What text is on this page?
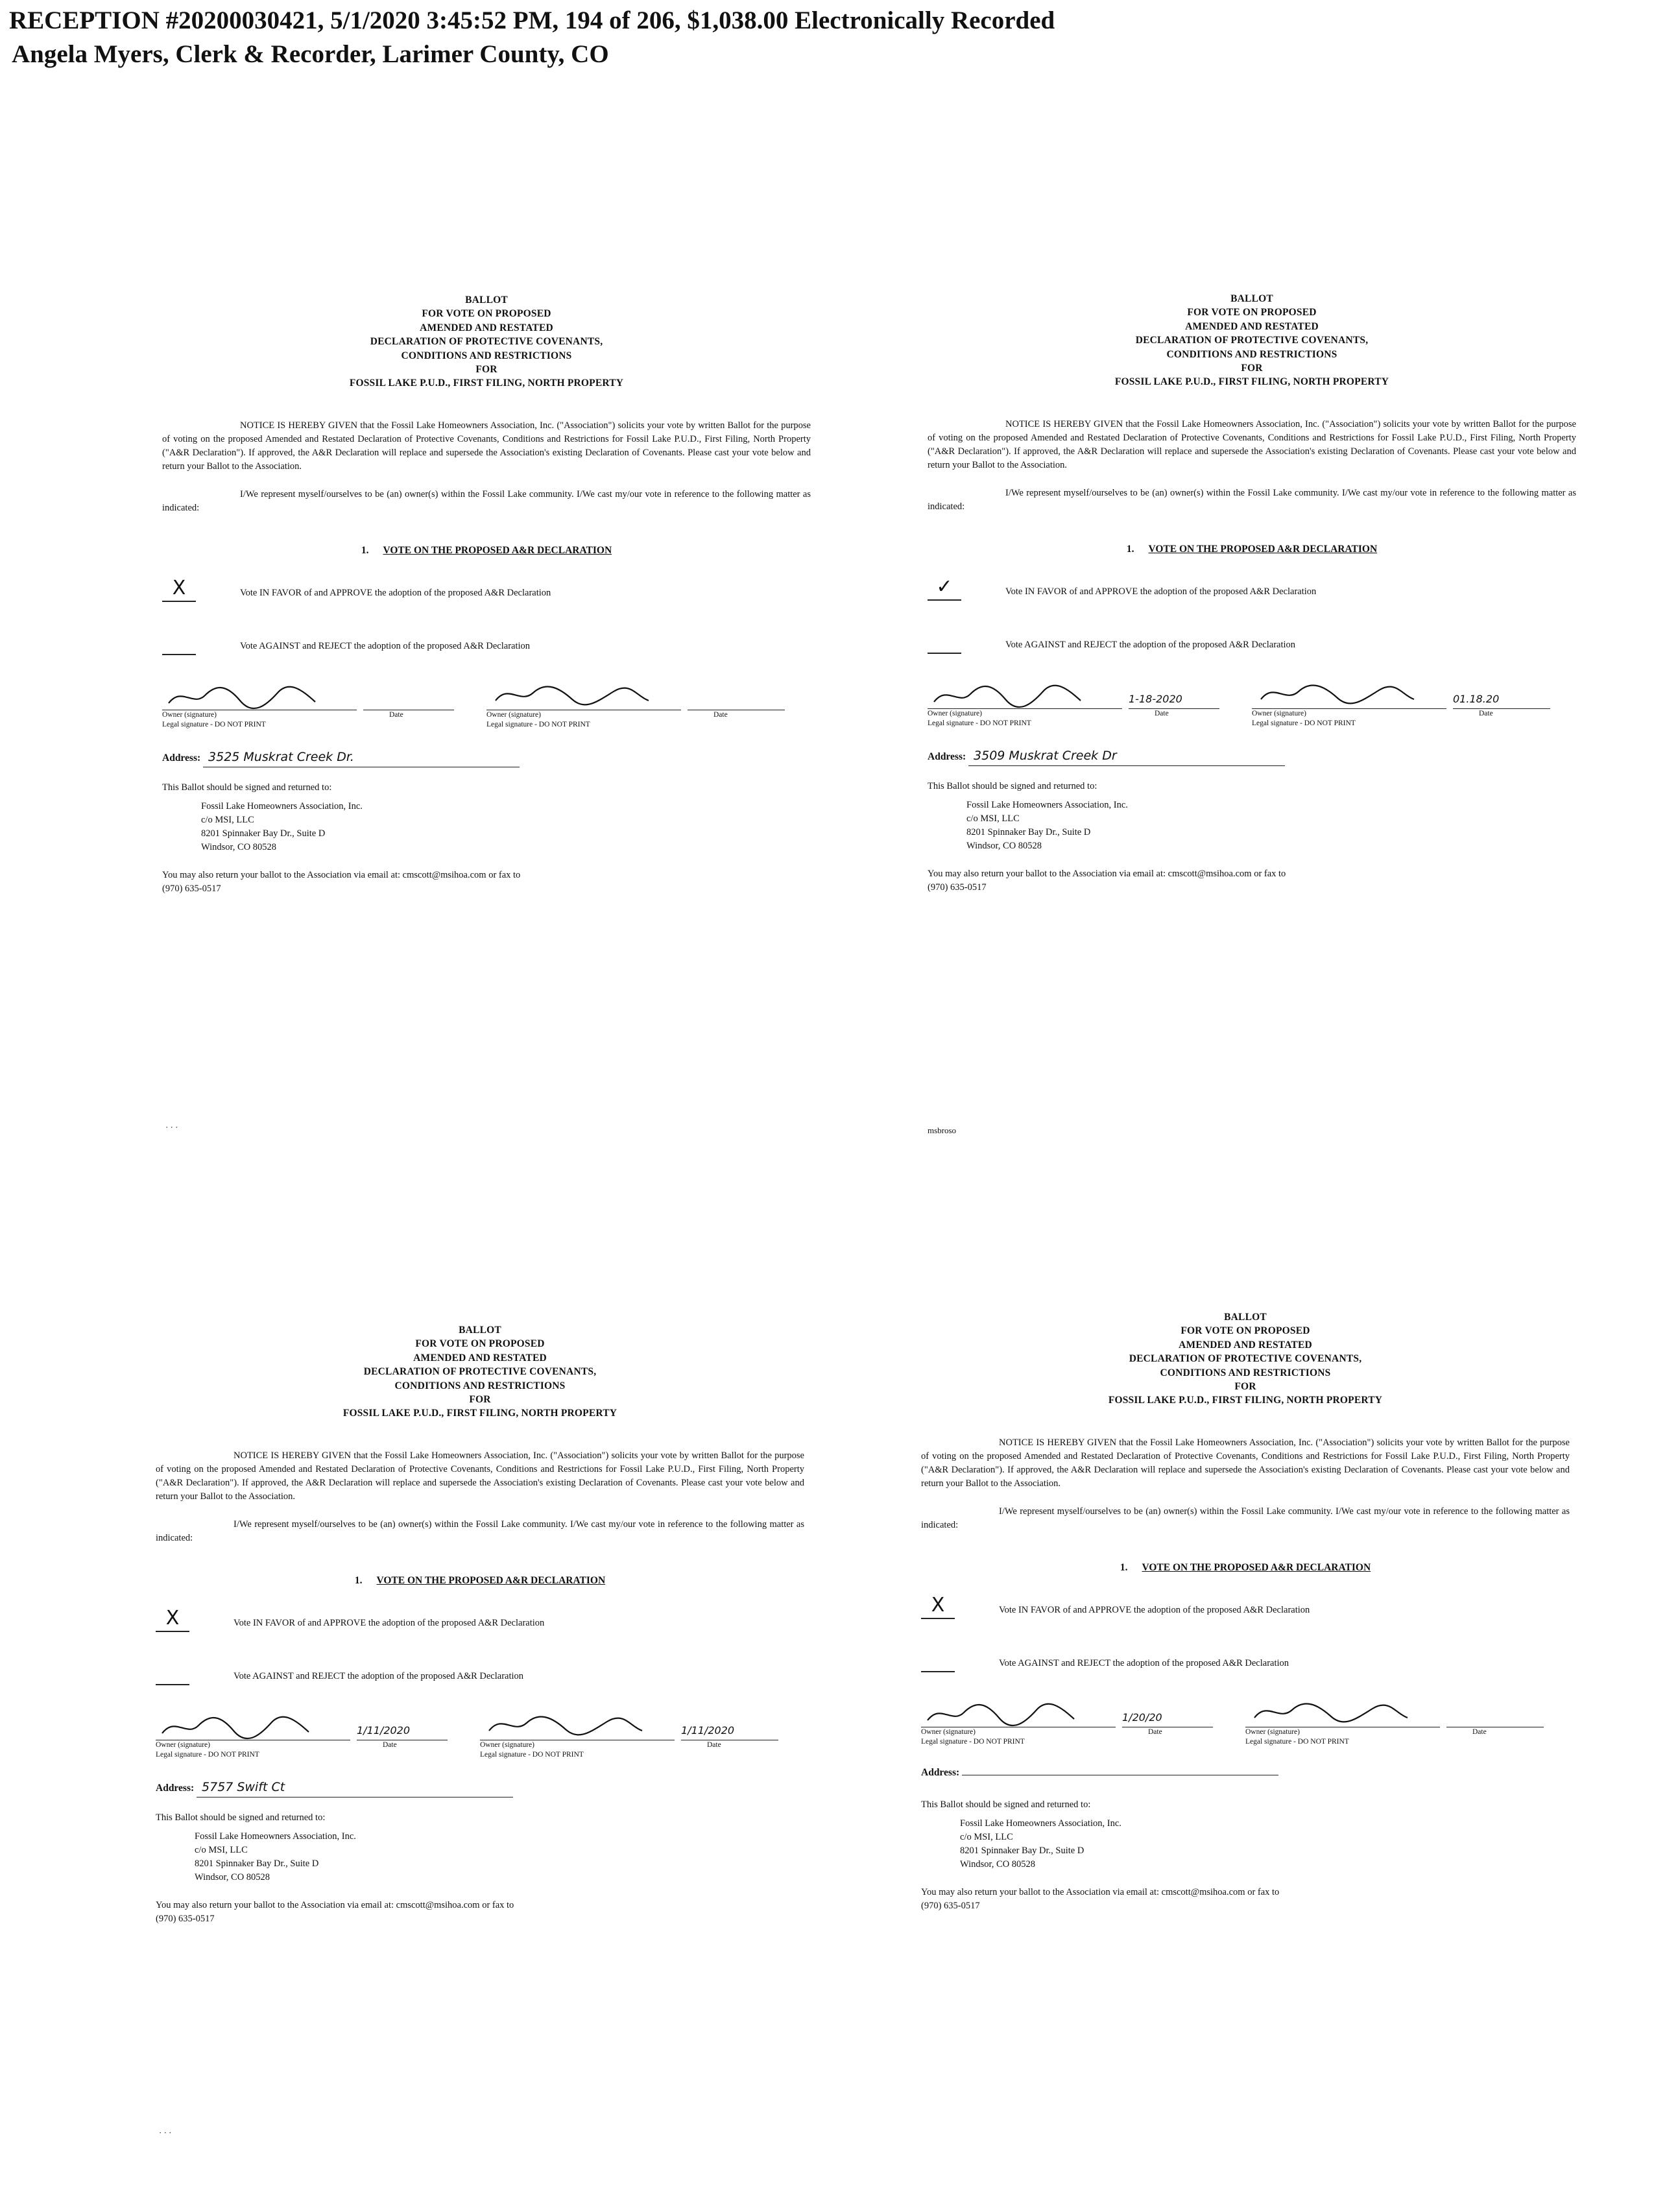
RECEPTION #20200030421, 5/1/2020 3:45:52 PM, 194 of 206, $1,038.00 Electronically Recorded
Angela Myers, Clerk & Recorder, Larimer County, CO
BALLOT
FOR VOTE ON PROPOSED
AMENDED AND RESTATED
DECLARATION OF PROTECTIVE COVENANTS,
CONDITIONS AND RESTRICTIONS
FOR
FOSSIL LAKE P.U.D., FIRST FILING, NORTH PROPERTY

NOTICE IS HEREBY GIVEN that the Fossil Lake Homeowners Association, Inc. ("Association") solicits your vote by written Ballot for the purpose of voting on the proposed Amended and Restated Declaration of Protective Covenants, Conditions and Restrictions for Fossil Lake P.U.D., First Filing, North Property ("A&R Declaration"). If approved, the A&R Declaration will replace and supersede the Association's existing Declaration of Covenants. Please cast your vote below and return your Ballot to the Association.

I/We represent myself/ourselves to be (an) owner(s) within the Fossil Lake community. I/We cast my/our vote in reference to the following matter as indicated:

1. VOTE ON THE PROPOSED A&R DECLARATION
X	Vote IN FAVOR of and APPROVE the adoption of the proposed A&R Declaration
Vote AGAINST and REJECT the adoption of the proposed A&R Declaration
Owner (signature)
Legal signature - DO NOT PRINT
Date	Owner (signature)
Legal signature - DO NOT PRINT
Date
Address: 3525 Muskrat Creek Dr.
This Ballot should be signed and returned to:
Fossil Lake Homeowners Association, Inc.
c/o MSI, LLC
8201 Spinnaker Bay Dr., Suite D
Windsor, CO 80528
You may also return your ballot to the Association via email at: cmscott@msihoa.com or fax to
(970) 635-0517
· · ·
BALLOT
FOR VOTE ON PROPOSED
AMENDED AND RESTATED
DECLARATION OF PROTECTIVE COVENANTS,
CONDITIONS AND RESTRICTIONS
FOR
FOSSIL LAKE P.U.D., FIRST FILING, NORTH PROPERTY

NOTICE IS HEREBY GIVEN that the Fossil Lake Homeowners Association, Inc. ("Association") solicits your vote by written Ballot for the purpose of voting on the proposed Amended and Restated Declaration of Protective Covenants, Conditions and Restrictions for Fossil Lake P.U.D., First Filing, North Property ("A&R Declaration"). If approved, the A&R Declaration will replace and supersede the Association's existing Declaration of Covenants. Please cast your vote below and return your Ballot to the Association.

I/We represent myself/ourselves to be (an) owner(s) within the Fossil Lake community. I/We cast my/our vote in reference to the following matter as indicated:

1. VOTE ON THE PROPOSED A&R DECLARATION
✓	Vote IN FAVOR of and APPROVE the adoption of the proposed A&R Declaration
Vote AGAINST and REJECT the adoption of the proposed A&R Declaration
Owner (signature)
Legal signature - DO NOT PRINT
1-18-2020
Date	Owner (signature)
Legal signature - DO NOT PRINT
01.18.20
Date
Address: 3509 Muskrat Creek Dr
This Ballot should be signed and returned to:
Fossil Lake Homeowners Association, Inc.
c/o MSI, LLC
8201 Spinnaker Bay Dr., Suite D
Windsor, CO 80528
You may also return your ballot to the Association via email at: cmscott@msihoa.com or fax to
(970) 635-0517
msbroso
BALLOT
FOR VOTE ON PROPOSED
AMENDED AND RESTATED
DECLARATION OF PROTECTIVE COVENANTS,
CONDITIONS AND RESTRICTIONS
FOR
FOSSIL LAKE P.U.D., FIRST FILING, NORTH PROPERTY

NOTICE IS HEREBY GIVEN that the Fossil Lake Homeowners Association, Inc. ("Association") solicits your vote by written Ballot for the purpose of voting on the proposed Amended and Restated Declaration of Protective Covenants, Conditions and Restrictions for Fossil Lake P.U.D., First Filing, North Property ("A&R Declaration"). If approved, the A&R Declaration will replace and supersede the Association's existing Declaration of Covenants. Please cast your vote below and return your Ballot to the Association.

I/We represent myself/ourselves to be (an) owner(s) within the Fossil Lake community. I/We cast my/our vote in reference to the following matter as indicated:

1. VOTE ON THE PROPOSED A&R DECLARATION
X	Vote IN FAVOR of and APPROVE the adoption of the proposed A&R Declaration
Vote AGAINST and REJECT the adoption of the proposed A&R Declaration
Owner (signature)
Legal signature - DO NOT PRINT
1/11/2020
Date	Owner (signature)
Legal signature - DO NOT PRINT
1/11/2020
Date
Address: 5757 Swift Ct
This Ballot should be signed and returned to:
Fossil Lake Homeowners Association, Inc.
c/o MSI, LLC
8201 Spinnaker Bay Dr., Suite D
Windsor, CO 80528
You may also return your ballot to the Association via email at: cmscott@msihoa.com or fax to
(970) 635-0517
· · ·
BALLOT
FOR VOTE ON PROPOSED
AMENDED AND RESTATED
DECLARATION OF PROTECTIVE COVENANTS,
CONDITIONS AND RESTRICTIONS
FOR
FOSSIL LAKE P.U.D., FIRST FILING, NORTH PROPERTY

NOTICE IS HEREBY GIVEN that the Fossil Lake Homeowners Association, Inc. ("Association") solicits your vote by written Ballot for the purpose of voting on the proposed Amended and Restated Declaration of Protective Covenants, Conditions and Restrictions for Fossil Lake P.U.D., First Filing, North Property ("A&R Declaration"). If approved, the A&R Declaration will replace and supersede the Association's existing Declaration of Covenants. Please cast your vote below and return your Ballot to the Association.

I/We represent myself/ourselves to be (an) owner(s) within the Fossil Lake community. I/We cast my/our vote in reference to the following matter as indicated:

1. VOTE ON THE PROPOSED A&R DECLARATION
X	Vote IN FAVOR of and APPROVE the adoption of the proposed A&R Declaration
Vote AGAINST and REJECT the adoption of the proposed A&R Declaration
Owner (signature)
Legal signature - DO NOT PRINT
1/20/20
Date	Owner (signature)
Legal signature - DO NOT PRINT
Date
Address:
This Ballot should be signed and returned to:
Fossil Lake Homeowners Association, Inc.
c/o MSI, LLC
8201 Spinnaker Bay Dr., Suite D
Windsor, CO 80528
You may also return your ballot to the Association via email at: cmscott@msihoa.com or fax to
(970) 635-0517
